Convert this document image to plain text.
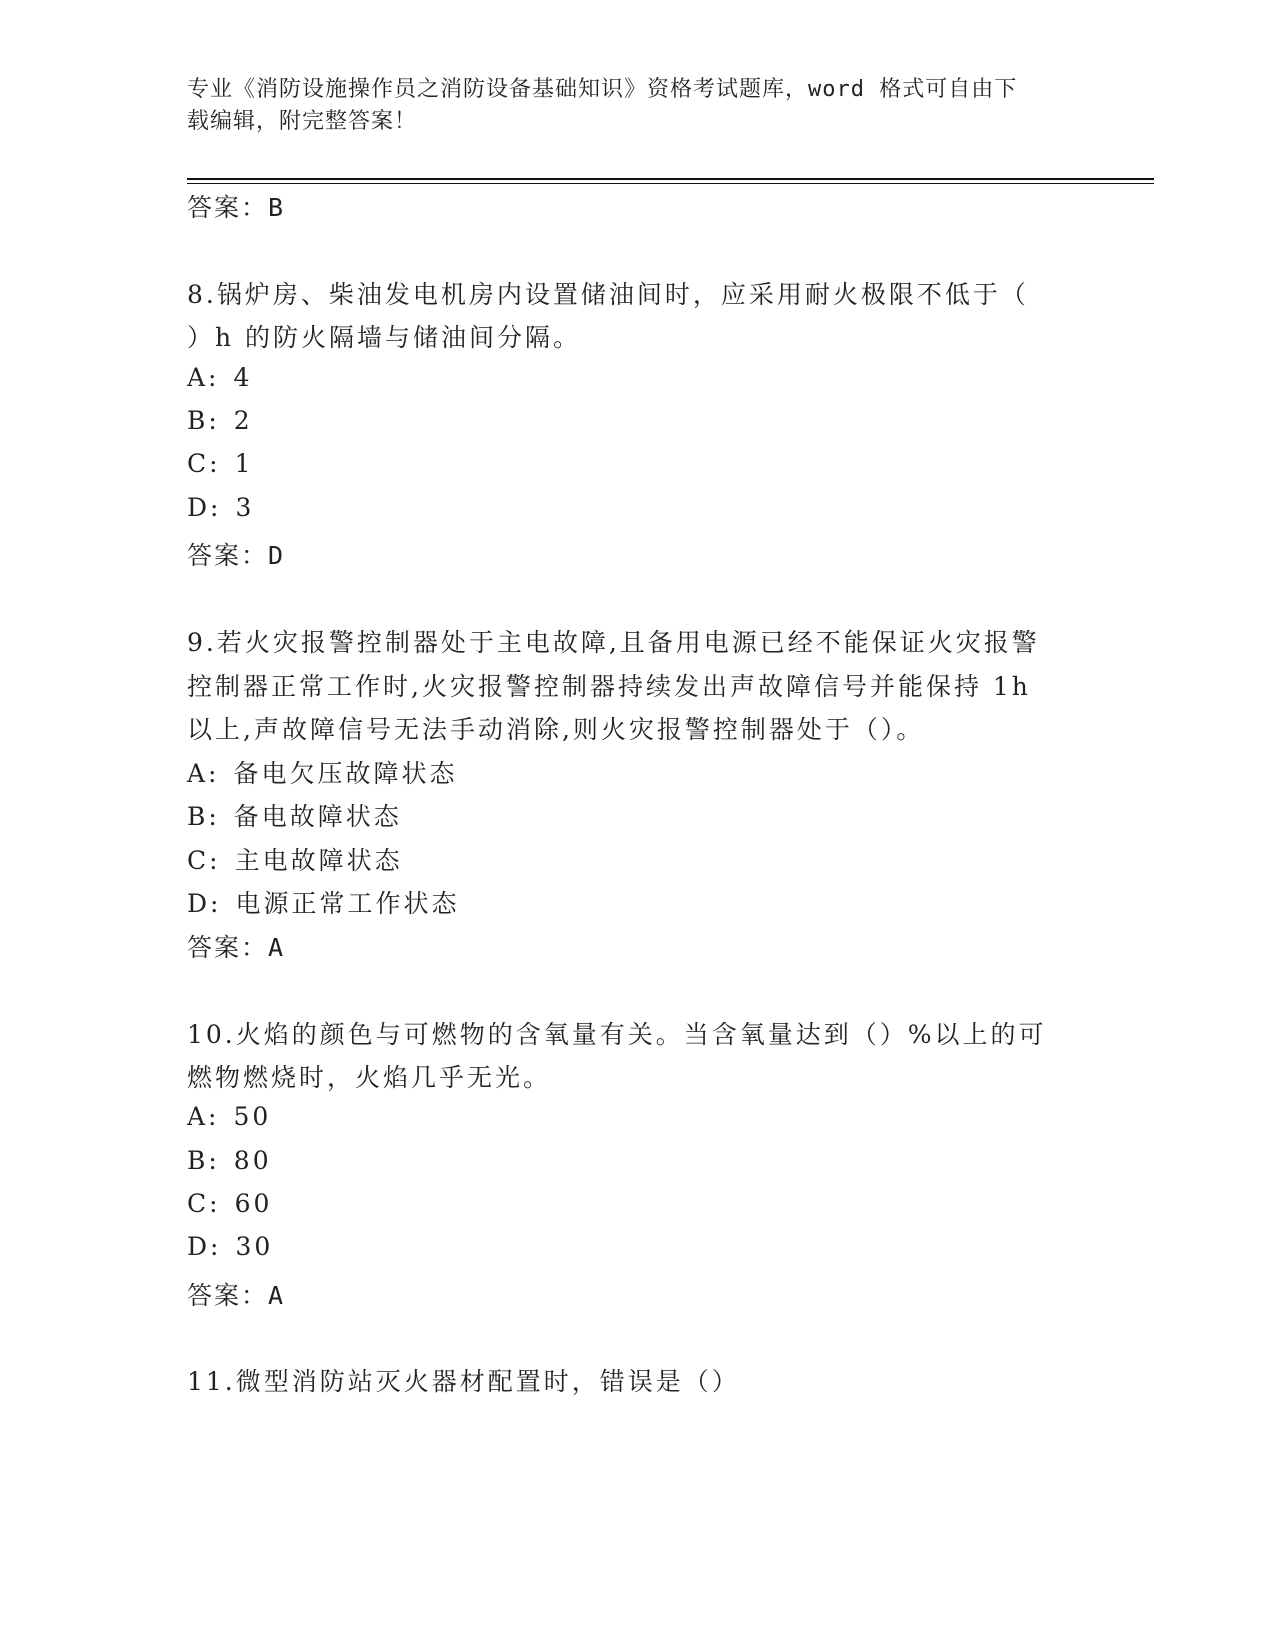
专业《消防设施操作员之消防设备基础知识》资格考试题库，word 格式可自由下
载编辑，附完整答案！
答案：B
8.锅炉房、柴油发电机房内设置储油间时，应采用耐火极限不低于（
）h 的防火隔墙与储油间分隔。
A: 4
B: 2
C: 1
D: 3
答案：D
9.若火灾报警控制器处于主电故障,且备用电源已经不能保证火灾报警
控制器正常工作时,火灾报警控制器持续发出声故障信号并能保持 1h
以上,声故障信号无法手动消除,则火灾报警控制器处于（）。
A: 备电欠压故障状态
B: 备电故障状态
C: 主电故障状态
D: 电源正常工作状态
答案：A
10.火焰的颜色与可燃物的含氧量有关。当含氧量达到（）%以上的可
燃物燃烧时，火焰几乎无光。
A: 50
B: 80
C: 60
D: 30
答案：A
11.微型消防站灭火器材配置时，错误是（）
